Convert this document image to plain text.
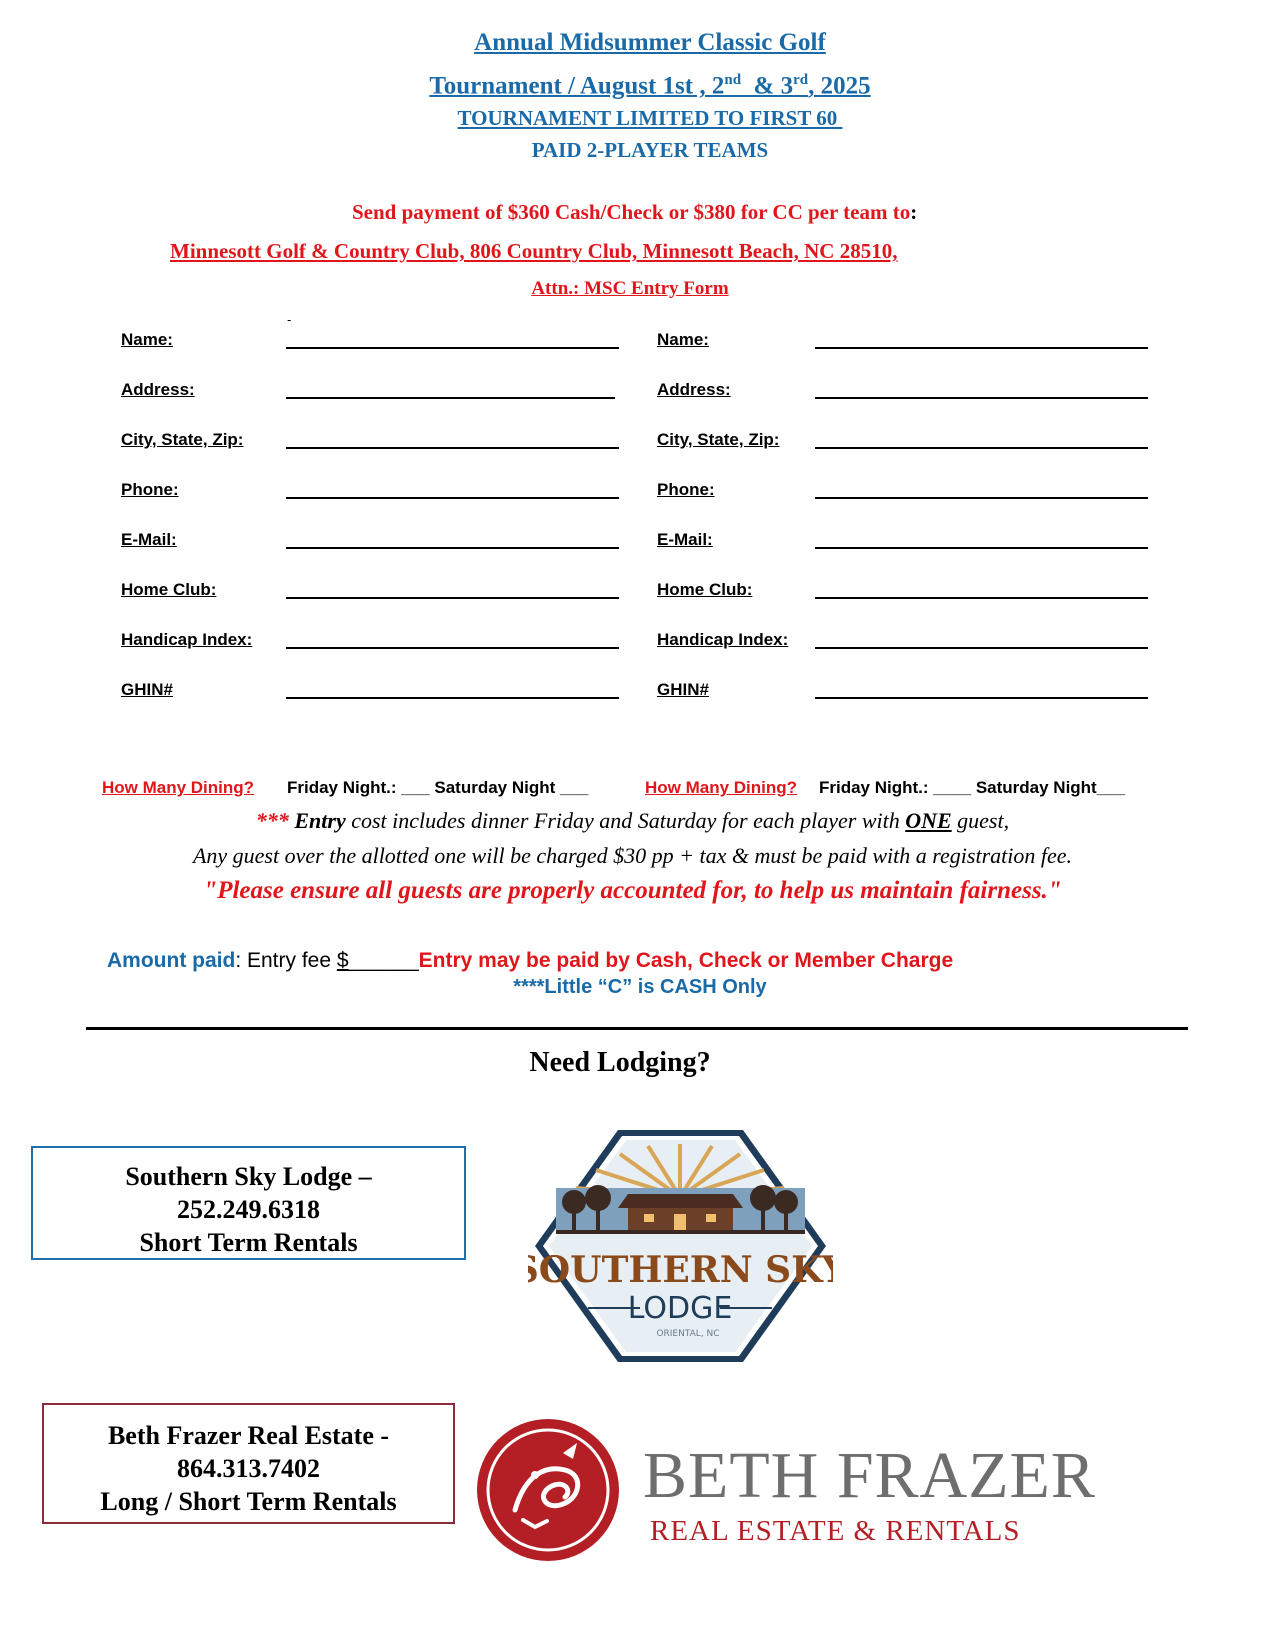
Annual Midsummer Classic Golf
Tournament / August 1st , 2nd  & 3rd, 2025
TOURNAMENT LIMITED TO FIRST 60
PAID 2-PLAYER TEAMS
Send payment of $360 Cash/Check or $380 for CC per team to:
Minnesott Golf & Country Club, 806 Country Club, Minnesott Beach, NC 28510,
Attn.: MSC Entry Form
-
Name:
Address:
City, State, Zip:
Phone:
E-Mail:
Home Club:
Handicap Index:
GHIN#
Name:
Address:
City, State, Zip:
Phone:
E-Mail:
Home Club:
Handicap Index:
GHIN#
How Many Dining? Friday Night.: ___ Saturday Night ___	How Many Dining? Friday Night.: ____ Saturday Night___
*** Entry cost includes dinner Friday and Saturday for each player with ONE guest,
Any guest over the allotted one will be charged $30 pp + tax & must be paid with a registration fee.
"Please ensure all guests are properly accounted for, to help us maintain fairness."
Amount paid: Entry fee $______Entry may be paid by Cash, Check or Member Charge
****Little “C” is CASH Only
Need Lodging?
Southern Sky Lodge –
252.249.6318
Short Term Rentals
SOUTHERN SKY
LODGE
ORIENTAL, NC
Beth Frazer Real Estate -
864.313.7402
Long / Short Term Rentals	BETH FRAZER
REAL ESTATE & RENTALS
